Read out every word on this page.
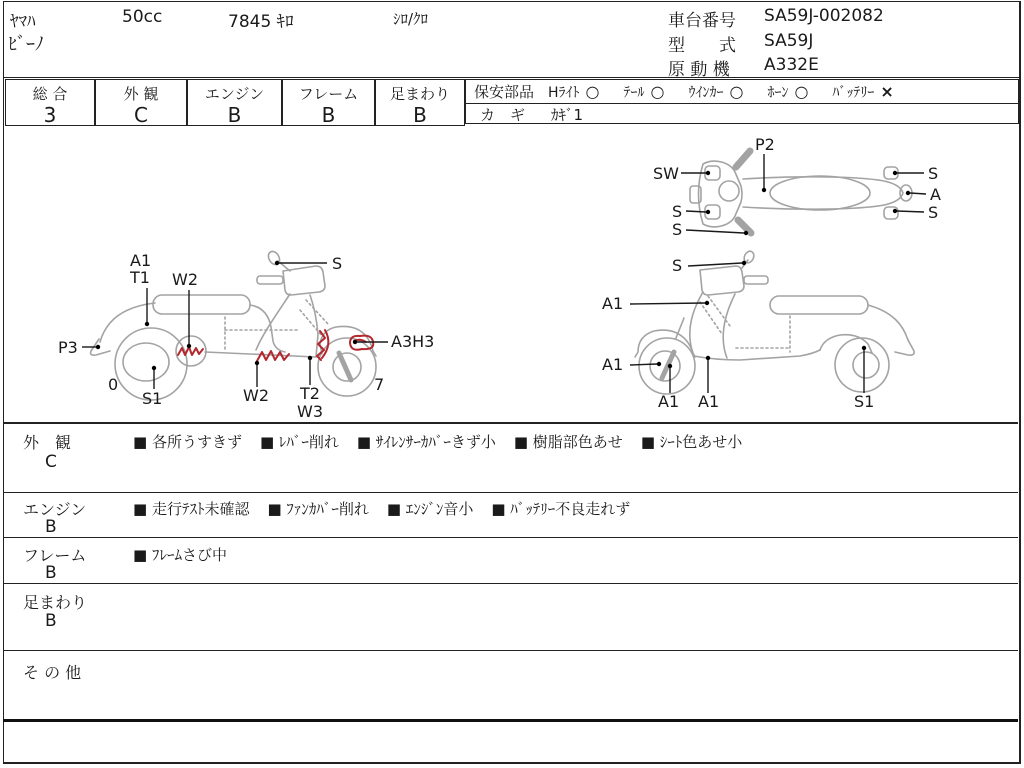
ﾔﾏﾊ	50cc	7845 ｷﾛ	ｼﾛ/ｸﾛ
ﾋﾞｰﾉ
車台番号 SA59J-002082
型　　式 SA59J
原 動 機 A332E
総 合
3
外 観
C
エンジン
B
フレーム
B
足まわり
B
保安部品 Hﾗｲﾄ ○ ﾃｰﾙ ○ ｳｲﾝｶｰ ○ ﾎｰﾝ ○ ﾊﾞｯﾃﾘｰ ×
カ　ギ ｶｷﾞ1
A1
T1 W2
S
P3
0
S1	W2 T2
W3
A3H3
7
P2
SW
S
S
S
A
S
S
A1
A1
A1 A1	S1
外　観
C
■ 各所うすきず ■ ﾚﾊﾞｰ削れ ■ ｻｲﾚﾝｻｰｶﾊﾞｰきず小 ■ 樹脂部色あせ ■ ｼｰﾄ色あせ小
エンジン
B
■ 走行ﾃｽﾄ未確認 ■ ﾌｧﾝｶﾊﾞｰ削れ ■ ｴﾝｼﾞﾝ音小 ■ ﾊﾞｯﾃﾘｰ不良走れず
フレーム
B
■ ﾌﾚｰﾑさび中
足まわり
B
そ の 他
